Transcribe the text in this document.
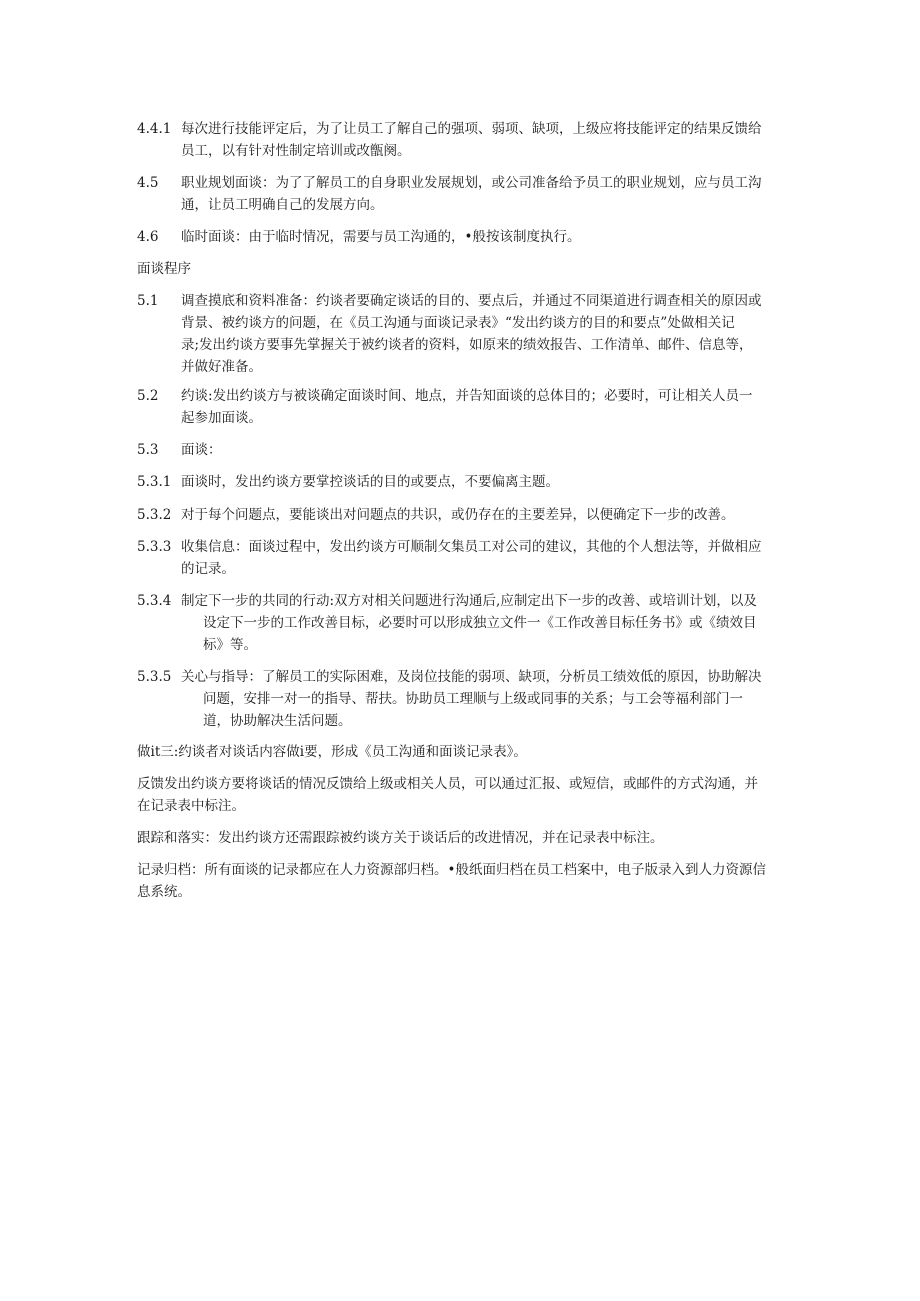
4.4.1 每次进行技能评定后，为了让员工了解自己的强项、弱项、缺项，上级应将技能评定的结果反馈给
员工，以有针对性制定培训或改甑阕。
4.5	职业规划面谈：为了了解员工的自身职业发展规划，或公司准备给予员工的职业规划，应与员工沟
通，让员工明确自己的发展方向。
4.6	临时面谈：由于临时情况，需要与员工沟通的，•般按该制度执行。
面谈程序
5.1	调查摸底和资料准备：约谈者要确定谈话的目的、要点后，并通过不同渠道进行调查相关的原因或
背景、被约谈方的问题，在《员工沟通与面谈记录表》“发出约谈方的目的和要点”处做相关记
录;发出约谈方要事先掌握关于被约谈者的资料，如原来的绩效报告、工作清单、邮件、信息等，
并做好准备。
5.2	约谈:发出约谈方与被谈确定面谈时间、地点，并告知面谈的总体目的；必要时，可让相关人员一
起参加面谈。
5.3	面谈：
5.3.1 面谈时，发出约谈方要掌控谈话的目的或要点，不要偏离主题。
5.3.2 对于每个问题点，要能谈出对问题点的共识，或仍存在的主要差异，以便确定下一步的改善。
5.3.3 收集信息：面谈过程中，发出约谈方可顺制攵集员工对公司的建议，其他的个人想法等，并做相应
的记录。
5.3.4 制定下一步的共同的行动:双方对相关问题进行沟通后,应制定出下一步的改善、或培训计划，以及
设定下一步的工作改善目标，必要时可以形成独立文件一《工作改善目标任务书》或《绩效目
标》等。
5.3.5 关心与指导：了解员工的实际困难，及岗位技能的弱项、缺项，分析员工绩效低的原因，协助解决
问题，安排一对一的指导、帮扶。协助员工理顺与上级或同事的关系；与工会等福利部门一
道，协助解决生活问题。
做it三:约谈者对谈话内容做i要，形成《员工沟通和面谈记录表》。
反馈发出约谈方要将谈话的情况反馈给上级或相关人员，可以通过汇报、或短信，或邮件的方式沟通，并
在记录表中标注。
跟踪和落实：发出约谈方还需跟踪被约谈方关于谈话后的改进情况，并在记录表中标注。
记录归档：所有面谈的记录都应在人力资源部归档。•般纸面归档在员工档案中，电子版录入到人力资源信
息系统。
